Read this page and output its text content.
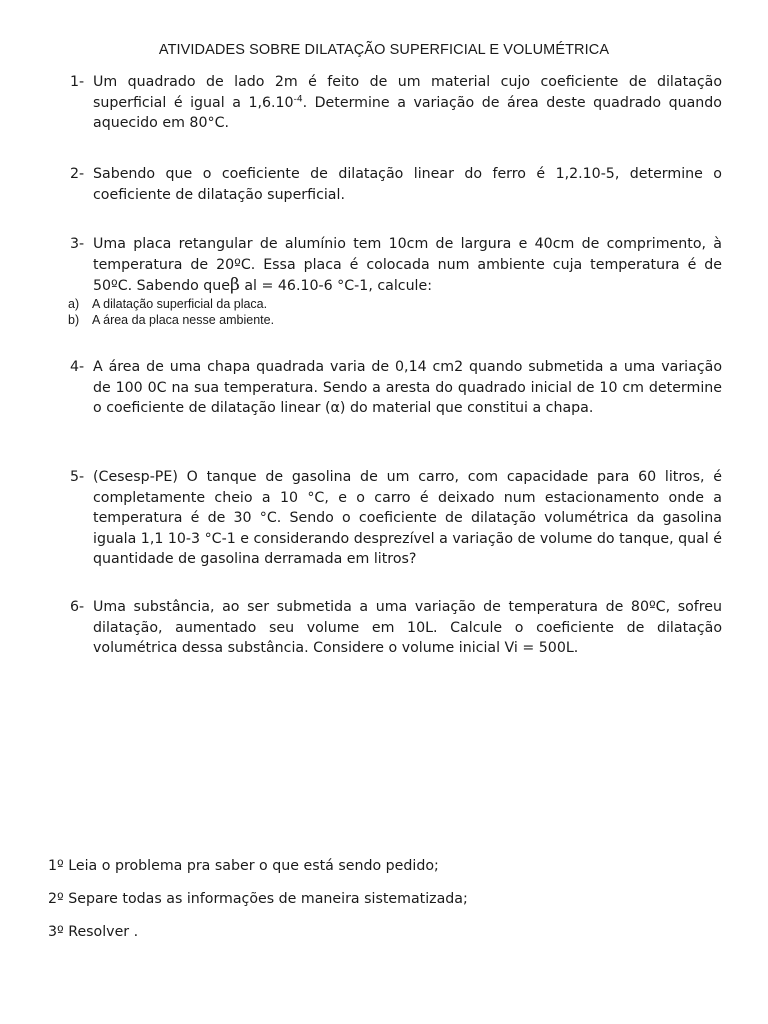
ATIVIDADES SOBRE DILATAÇÃO SUPERFICIAL E VOLUMÉTRICA
1- Um quadrado de lado 2m é feito de um material cujo coeficiente de dilatação superficial é igual a $1,6.10^{-4}$. Determine a variação de área deste quadrado quando aquecido em 80°C.
2- Sabendo que o coeficiente de dilatação linear do ferro é 1,2.10-5, determine o coeficiente de dilatação superficial.
3- Uma placa retangular de alumínio tem 10cm de largura e 40cm de comprimento, à temperatura de 20ºC. Essa placa é colocada num ambiente cuja temperatura é de 50ºC. Sabendo queβ al = 46.10-6 °C-1, calcule:
a)	A dilatação superficial da placa.
b)	A área da placa nesse ambiente.
4- A área de uma chapa quadrada varia de 0,14 cm2 quando submetida a uma variação de 100 0C na sua temperatura. Sendo a aresta do quadrado inicial de 10 cm determine o coeficiente de dilatação linear (α) do material que constitui a chapa.
5- (Cesesp-PE) O tanque de gasolina de um carro, com capacidade para 60 litros, é completamente cheio a 10 °C, e o carro é deixado num estacionamento onde a temperatura é de 30 °C. Sendo o coeficiente de dilatação volumétrica da gasolina iguala 1,1 10-3 °C-1 e considerando desprezível a variação de volume do tanque, qual é quantidade de gasolina derramada em litros?
6- Uma substância, ao ser submetida a uma variação de temperatura de 80ºC, sofreu dilatação, aumentado seu volume em 10L. Calcule o coeficiente de dilatação volumétrica dessa substância. Considere o volume inicial Vi = 500L.
1º Leia o problema pra saber o que está sendo pedido;
2º Separe todas as informações de maneira sistematizada;
3º Resolver .
